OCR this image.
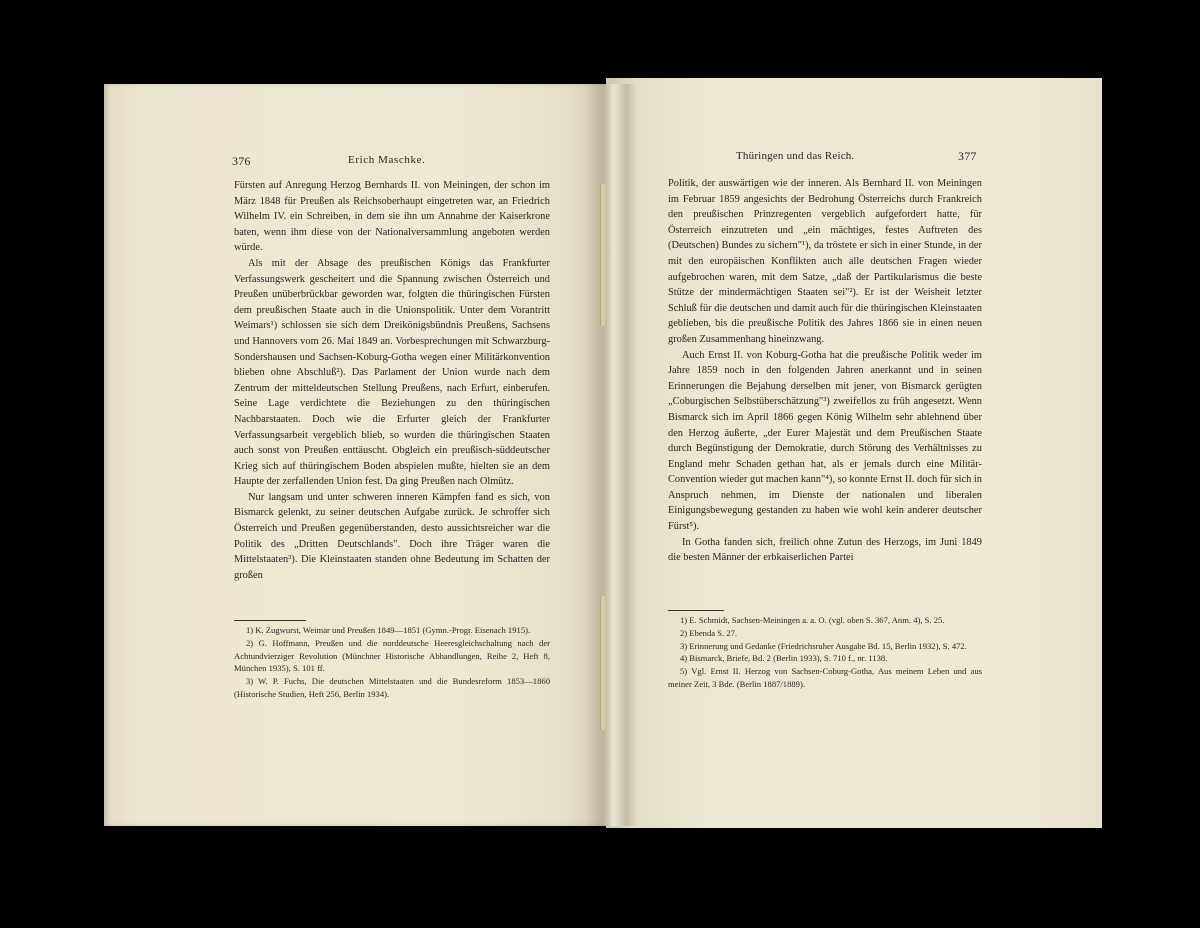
376	Erich Maschke.

Fürsten auf Anregung Herzog Bernhards II. von Meiningen, der schon im März 1848 für Preußen als Reichsoberhaupt eingetreten war, an Friedrich Wilhelm IV. ein Schreiben, in dem sie ihn um Annahme der Kaiserkrone baten, wenn ihm diese von der Nationalversammlung angeboten werden würde.

Als mit der Absage des preußischen Königs das Frankfurter Verfassungswerk gescheitert und die Spannung zwischen Österreich und Preußen unüberbrückbar geworden war, folgten die thüringischen Fürsten dem preußischen Staate auch in die Unionspolitik. Unter dem Vorantritt Weimars¹) schlossen sie sich dem Dreikönigsbündnis Preußens, Sachsens und Hannovers vom 26. Mai 1849 an. Vorbesprechungen mit Schwarzburg-Sondershausen und Sachsen-Koburg-Gotha wegen einer Militärkonvention blieben ohne Abschluß²). Das Parlament der Union wurde nach dem Zentrum der mitteldeutschen Stellung Preußens, nach Erfurt, einberufen. Seine Lage verdichtete die Beziehungen zu den thüringischen Nachbarstaaten. Doch wie die Erfurter gleich der Frankfurter Verfassungsarbeit vergeblich blieb, so wurden die thüringischen Staaten auch sonst von Preußen enttäuscht. Obgleich ein preußisch-süddeutscher Krieg sich auf thüringischem Boden abspielen mußte, hielten sie an dem Haupte der zerfallenden Union fest. Da ging Preußen nach Olmütz.

Nur langsam und unter schweren inneren Kämpfen fand es sich, von Bismarck gelenkt, zu seiner deutschen Aufgabe zurück. Je schroffer sich Österreich und Preußen gegenüberstanden, desto aussichtsreicher war die Politik des „Dritten Deutschlands". Doch ihre Träger waren die Mittelstaaten³). Die Kleinstaaten standen ohne Bedeutung im Schatten der großen

1) K. Zugwurst, Weimar und Preußen 1849—1851 (Gymn.-Progr. Eisenach 1915).
2) G. Hoffmann, Preußen und die norddeutsche Heeresgleichschaltung nach der Achtundvierziger Revolution (Münchner Historische Abhandlungen, Reihe 2, Heft 8, München 1935), S. 101 ff.
3) W. P. Fuchs, Die deutschen Mittelstaaten und die Bundesreform 1853—1860 (Historische Studien, Heft 256, Berlin 1934).
Thüringen und das Reich.	377

Politik, der auswärtigen wie der inneren. Als Bernhard II. von Meiningen im Februar 1859 angesichts der Bedrohung Österreichs durch Frankreich den preußischen Prinzregenten vergeblich aufgefordert hatte, für Österreich einzutreten und „ein mächtiges, festes Auftreten des (Deutschen) Bundes zu sichern"¹), da tröstete er sich in einer Stunde, in der mit den europäischen Konflikten auch alle deutschen Fragen wieder aufgebrochen waren, mit dem Satze, „daß der Partikularismus die beste Stütze der mindermächtigen Staaten sei"²). Er ist der Weisheit letzter Schluß für die deutschen und damit auch für die thüringischen Kleinstaaten geblieben, bis die preußische Politik des Jahres 1866 sie in einen neuen großen Zusammenhang hineinzwang.

Auch Ernst II. von Koburg-Gotha hat die preußische Politik weder im Jahre 1859 noch in den folgenden Jahren anerkannt und in seinen Erinnerungen die Bejahung derselben mit jener, von Bismarck gerügten „Coburgischen Selbstüberschätzung"³) zweifellos zu früh angesetzt. Wenn Bismarck sich im April 1866 gegen König Wilhelm sehr ablehnend über den Herzog äußerte, „der Eurer Majestät und dem Preußischen Staate durch Begünstigung der Demokratie, durch Störung des Verhältnisses zu England mehr Schaden gethan hat, als er jemals durch eine Militär-Convention wieder gut machen kann"⁴), so konnte Ernst II. doch für sich in Anspruch nehmen, im Dienste der nationalen und liberalen Einigungsbewegung gestanden zu haben wie wohl kein anderer deutscher Fürst⁵).

In Gotha fanden sich, freilich ohne Zutun des Herzogs, im Juni 1849 die besten Männer der erbkaiserlichen Partei

1) E. Schmidt, Sachsen-Meiningen a. a. O. (vgl. oben S. 367, Anm. 4), S. 25.
2) Ebenda S. 27.
3) Erinnerung und Gedanke (Friedrichsruher Ausgabe Bd. 15, Berlin 1932), S. 472.
4) Bismarck, Briefe, Bd. 2 (Berlin 1933), S. 710 f., nr. 1138.
5) Vgl. Ernst II. Herzog von Sachsen-Coburg-Gotha, Aus meinem Leben und aus meiner Zeit, 3 Bde. (Berlin 1887/1889).
